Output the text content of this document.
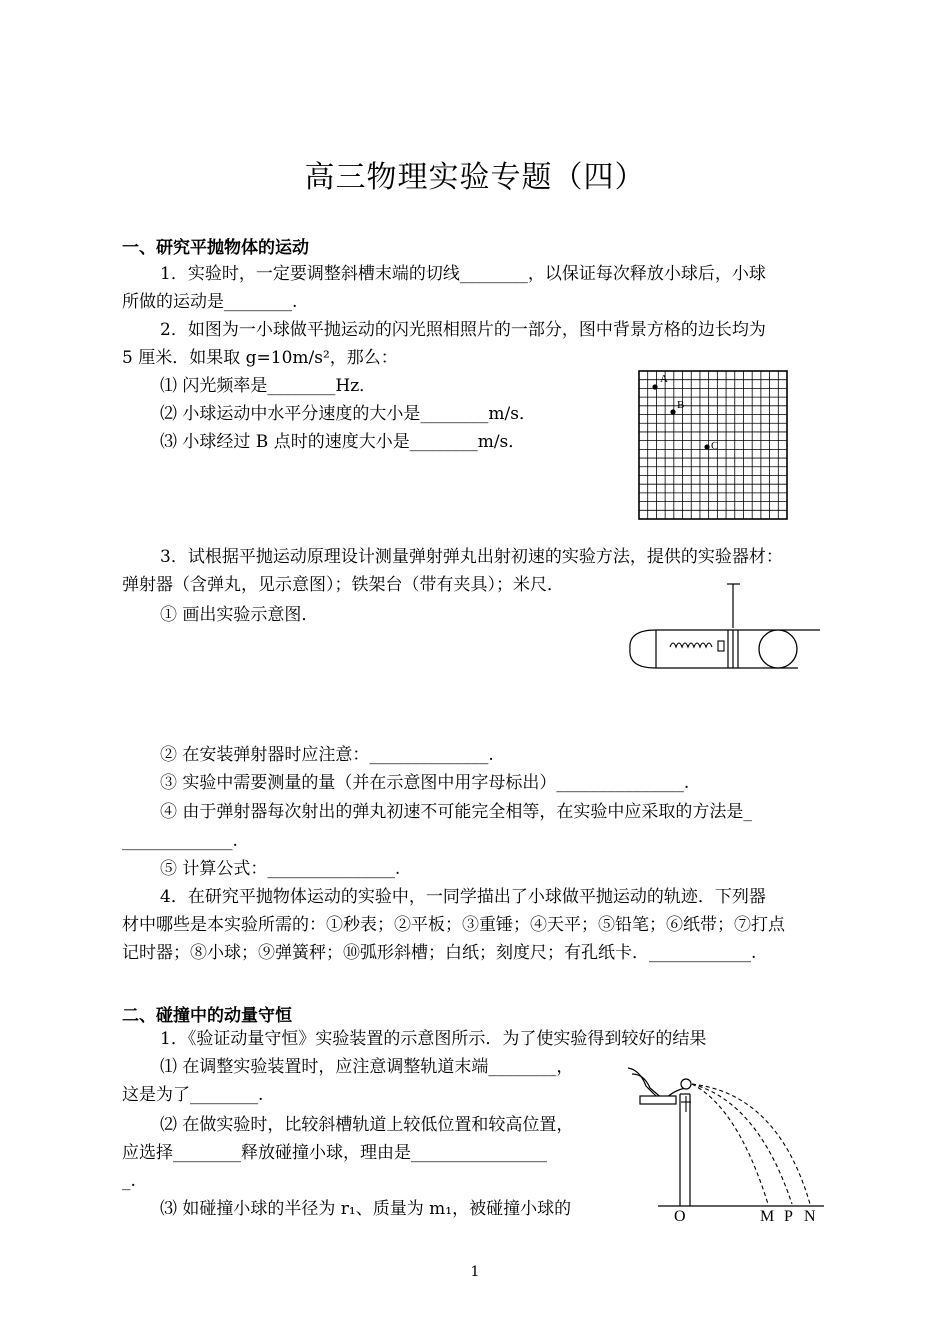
高三物理实验专题（四）
一、研究平抛物体的运动
1．实验时，一定要调整斜槽末端的切线________，以保证每次释放小球后，小球
所做的运动是________.
2．如图为一小球做平抛运动的闪光照相照片的一部分，图中背景方格的边长均为
5 厘米．如果取 g=10m/s²，那么：
⑴ 闪光频率是________Hz．
⑵ 小球运动中水平分速度的大小是________m/s．
⑶ 小球经过 B 点时的速度大小是________m/s．
A
B
C
3．试根据平抛运动原理设计测量弹射弹丸出射初速的实验方法，提供的实验器材：
弹射器（含弹丸，见示意图）；铁架台（带有夹具）；米尺．
① 画出实验示意图．
② 在安装弹射器时应注意：______________.
③ 实验中需要测量的量（并在示意图中用字母标出）_______________.
④ 由于弹射器每次射出的弹丸初速不可能完全相等，在实验中应采取的方法是_
_____________.
⑤ 计算公式：_______________.
4．在研究平抛物体运动的实验中，一同学描出了小球做平抛运动的轨迹．下列器
材中哪些是本实验所需的：①秒表；②平板；③重锤；④天平；⑤铅笔；⑥纸带；⑦打点
记时器；⑧小球；⑨弹簧秤；⑩弧形斜槽；白纸；刻度尺；有孔纸卡．____________.
二、碰撞中的动量守恒
1．《验证动量守恒》实验装置的示意图所示．为了使实验得到较好的结果
⑴ 在调整实验装置时，应注意调整轨道末端________，
这是为了________.
⑵ 在做实验时，比较斜槽轨道上较低位置和较高位置，
应选择________释放碰撞小球，理由是________________
_.
⑶ 如碰撞小球的半径为 r₁、质量为 m₁，被碰撞小球的	O	M P N
1
